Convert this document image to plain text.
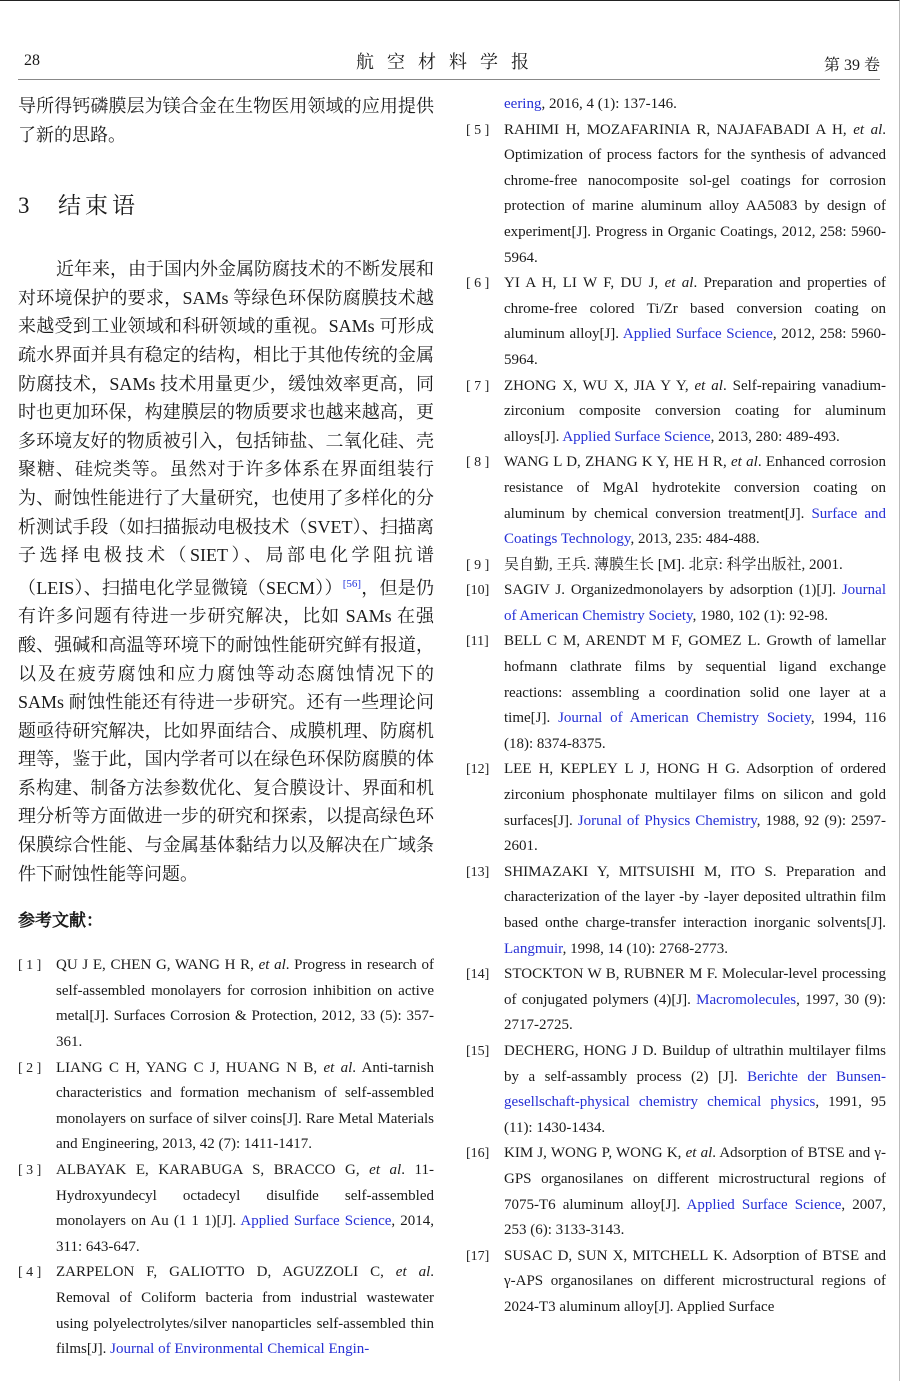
28	航空材料学报	第 39 卷

导所得钙磷膜层为镁合金在生物医用领域的应用提供了新的思路。

3 结束语

近年来，由于国内外金属防腐技术的不断发展和对环境保护的要求，SAMs 等绿色环保防腐膜技术越来越受到工业领域和科研领域的重视。SAMs 可形成疏水界面并具有稳定的结构，相比于其他传统的金属防腐技术，SAMs 技术用量更少，缓蚀效率更高，同时也更加环保，构建膜层的物质要求也越来越高，更多环境友好的物质被引入，包括铈盐、二氧化硅、壳聚糖、硅烷类等。虽然对于许多体系在界面组装行为、耐蚀性能进行了大量研究，也使用了多样化的分析测试手段（如扫描振动电极技术（SVET）、扫描离子选择电极技术（SIET）、局部电化学阻抗谱（LEIS）、扫描电化学显微镜（SECM））[56]，但是仍有许多问题有待进一步研究解决，比如 SAMs 在强酸、强碱和高温等环境下的耐蚀性能研究鲜有报道，以及在疲劳腐蚀和应力腐蚀等动态腐蚀情况下的 SAMs 耐蚀性能还有待进一步研究。还有一些理论问题亟待研究解决，比如界面结合、成膜机理、防腐机理等，鉴于此，国内学者可以在绿色环保防腐膜的体系构建、制备方法参数优化、复合膜设计、界面和机理分析等方面做进一步的研究和探索，以提高绿色环保膜综合性能、与金属基体黏结力以及解决在广域条件下耐蚀性能等问题。

参考文献：
[ 1 ] QU J E, CHEN G, WANG H R, et al. Progress in research of self-assembled monolayers for corrosion inhibition on active metal[J]. Surfaces Corrosion & Protection, 2012, 33 (5): 357-361.
[ 2 ] LIANG C H, YANG C J, HUANG N B, et al. Anti-tarnish characteristics and formation mechanism of self-assembled monolayers on surface of silver coins[J]. Rare Metal Materials and Engineering, 2013, 42 (7): 1411-1417.
[ 3 ] ALBAYAK E, KARABUGA S, BRACCO G, et al. 11-Hydroxyundecyl octadecyl disulfide self-assembled monolayers on Au (1 1 1)[J]. Applied Surface Science, 2014, 311: 643-647.
[ 4 ] ZARPELON F, GALIOTTO D, AGUZZOLI C, et al. Removal of Coliform bacteria from industrial wastewater using polyelectrolytes/silver nanoparticles self-assembled thin films[J]. Journal of Environmental Chemical Engin-
eering, 2016, 4 (1): 137-146.
[ 5 ] RAHIMI H, MOZAFARINIA R, NAJAFABADI A H, et al. Optimization of process factors for the synthesis of advanced chrome-free nanocomposite sol-gel coatings for corrosion protection of marine aluminum alloy AA5083 by design of experiment[J]. Progress in Organic Coatings, 2012, 258: 5960-5964.
[ 6 ] YI A H, LI W F, DU J, et al. Preparation and properties of chrome-free colored Ti/Zr based conversion coating on aluminum alloy[J]. Applied Surface Science, 2012, 258: 5960-5964.
[ 7 ] ZHONG X, WU X, JIA Y Y, et al. Self-repairing vanadium-zirconium composite conversion coating for aluminum alloys[J]. Applied Surface Science, 2013, 280: 489-493.
[ 8 ] WANG L D, ZHANG K Y, HE H R, et al. Enhanced corrosion resistance of MgAl hydrotekite conversion coating on aluminum by chemical conversion treatment[J]. Surface and Coatings Technology, 2013, 235: 484-488.
[ 9 ] 吴自勤, 王兵. 薄膜生长 [M]. 北京: 科学出版社, 2001.
[10] SAGIV J. Organizedmonolayers by adsorption (1)[J]. Journal of American Chemistry Society, 1980, 102 (1): 92-98.
[11]	BELL C M, ARENDT M F, GOMEZ L. Growth of lamellar hofmann clathrate films by sequential ligand exchange reactions: assembling a coordination solid one layer at a time[J]. Journal of American Chemistry Society, 1994, 116 (18): 8374-8375.
[12] LEE H, KEPLEY L J, HONG H G. Adsorption of ordered zirconium phosphonate multilayer films on silicon and gold surfaces[J]. Jorunal of Physics Chemistry, 1988, 92 (9): 2597-2601.
[13] SHIMAZAKI Y, MITSUISHI M, ITO S. Preparation and characterization of the layer -by -layer deposited ultrathin film based onthe charge-transfer interaction inorganic solvents[J]. Langmuir, 1998, 14 (10): 2768-2773.
[14] STOCKTON W B, RUBNER M F. Molecular-level processing of conjugated polymers (4)[J]. Macromolecules, 1997, 30 (9): 2717-2725.
[15] DECHERG, HONG J D. Buildup of ultrathin multilayer films by a self-assambly process (2) [J]. Berichte der Bunsen-gesellschaft-physical chemistry chemical physics, 1991, 95 (11): 1430-1434.
[16] KIM J, WONG P, WONG K, et al. Adsorption of BTSE and γ-GPS organosilanes on different microstructural regions of 7075-T6 aluminum alloy[J]. Applied Surface Science, 2007, 253 (6): 3133-3143.
[17] SUSAC D, SUN X, MITCHELL K. Adsorption of BTSE and γ-APS organosilanes on different microstructural regions of 2024-T3 aluminum alloy[J]. Applied Surface
